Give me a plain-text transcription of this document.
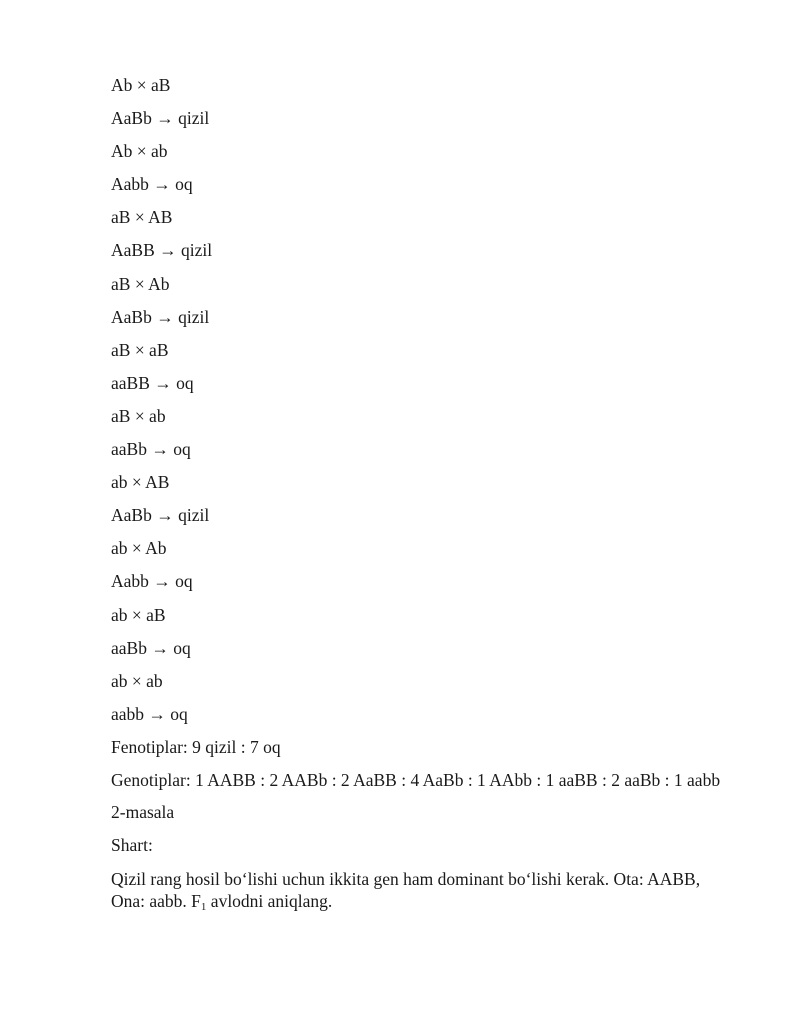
Ab × aB
AaBb → qizil
Ab × ab
Aabb → oq
aB × AB
AaBB → qizil
aB × Ab
AaBb → qizil
aB × aB
aaBB → oq
aB × ab
aaBb → oq
ab × AB
AaBb → qizil
ab × Ab
Aabb → oq
ab × aB
aaBb → oq
ab × ab
aabb → oq
Fenotiplar: 9 qizil : 7 oq
Genotiplar: 1 AABB : 2 AABb : 2 AaBB : 4 AaBb : 1 AAbb : 1 aaBB : 2 aaBb : 1 aabb
2-masala
Shart:
Qizil rang hosil boʻlishi uchun ikkita gen ham dominant boʻlishi kerak. Ota: AABB, Ona: aabb. $F_1$ avlodni aniqlang.
